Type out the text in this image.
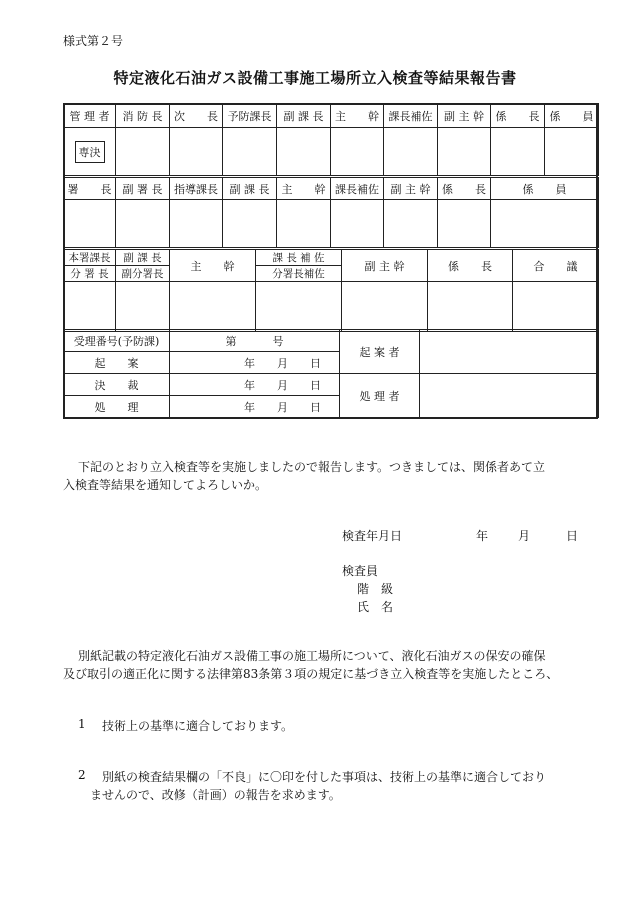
様式第２号
特定液化石油ガス設備工事施工場所立入検査等結果報告書
管 理 者	消 防 長	次　　長	予防課長	副 課 長	主　　幹	課長補佐	副 主 幹	係　　長	係　　員
専決									
署　　長	副 署 長	指導課長	副 課 長	主　　幹	課長補佐	副 主 幹	係　　長	係　　員

本署課長	副 課 長	主　　幹	課 長 補 佐	副 主 幹	係　　長	合　　議
分 署 長	副分署長		分署長補佐			

受理番号(予防課)	第 号	起 案 者	
起　　案	年 月 日		
決　　裁	年 月 日	処 理 者	
処　　理	年 月 日		
下記のとおり立入検査等を実施しましたので報告します。つきましては、関係者あて立
入検査等結果を通知してよろしいか。
検査年月日	年 月	日
検査員
階　級
氏　名
別紙記載の特定液化石油ガス設備工事の施工場所について、液化石油ガスの保安の確保
及び取引の適正化に関する法律第83条第３項の規定に基づき立入検査等を実施したところ、
1 技術上の基準に適合しております。
2 別紙の検査結果欄の「不良」に〇印を付した事項は、技術上の基準に適合しており
ませんので、改修（計画）の報告を求めます。
